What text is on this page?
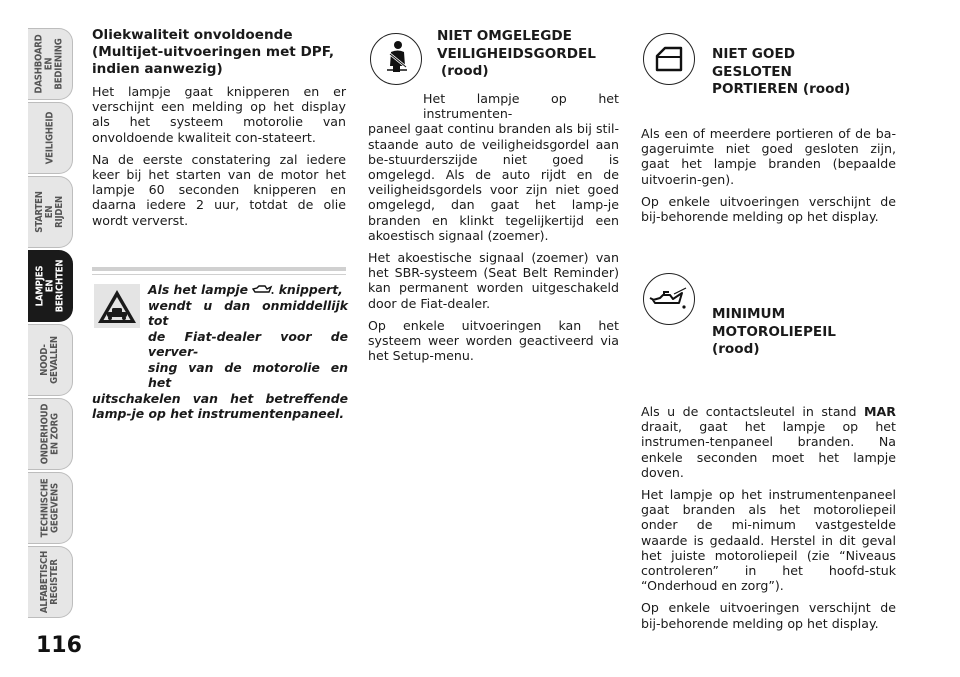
DASHBOARD
EN BEDIENING
VEILIGHEID
STARTEN
EN RIJDEN
LAMPJES EN
BERICHTEN
NOOD-
GEVALLEN
ONDERHOUD
EN ZORG
TECHNISCHE
GEGEVENS
ALFABETISCH
REGISTER
116
Oliekwaliteit onvoldoende (Multijet-uitvoeringen met DPF, indien aanwezig)

Het lampje gaat knipperen en er verschijnt een melding op het display als het systeem motorolie van onvoldoende kwaliteit con-stateert.

Na de eerste constatering zal iedere keer bij het starten van de motor het lampje 60 seconden knipperen en daarna iedere 2 uur, totdat de olie wordt ververst.

Als het lampje knippert,
wendt u dan onmiddellijk tot
de Fiat-dealer voor de verver-
sing van de motorolie en het
uitschakelen van het betreffende lamp-je op het instrumentenpaneel.
NIET OMGELEGDE
VEILIGHEIDSGORDEL
(rood)

Het lampje op het instrumenten-

paneel gaat continu branden als bij stil-staande auto de veiligheidsgordel aan be-stuurderszijde niet goed is omgelegd. Als de auto rijdt en de veiligheidsgordels voor zijn niet goed omgelegd, dan gaat het lamp-je branden en klinkt tegelijkertijd een akoestisch signaal (zoemer).

Het akoestische signaal (zoemer) van het SBR-systeem (Seat Belt Reminder) kan permanent worden uitgeschakeld door de Fiat-dealer.

Op enkele uitvoeringen kan het systeem weer worden geactiveerd via het Setup-menu.

NIET GOED
GESLOTEN
PORTIEREN (rood)

Als een of meerdere portieren of de ba-gageruimte niet goed gesloten zijn, gaat het lampje branden (bepaalde uitvoerin-gen).

Op enkele uitvoeringen verschijnt de bij-behorende melding op het display.

MINIMUM
MOTOROLIEPEIL
(rood)

Als u de contactsleutel in stand MAR draait, gaat het lampje op het instrumen-tenpaneel branden. Na enkele seconden moet het lampje doven.

Het lampje op het instrumentenpaneel gaat branden als het motoroliepeil onder de mi-nimum vastgestelde waarde is gedaald. Herstel in dit geval het juiste motoroliepeil (zie “Niveaus controleren” in het hoofd-stuk “Onderhoud en zorg”).

Op enkele uitvoeringen verschijnt de bij-behorende melding op het display.
